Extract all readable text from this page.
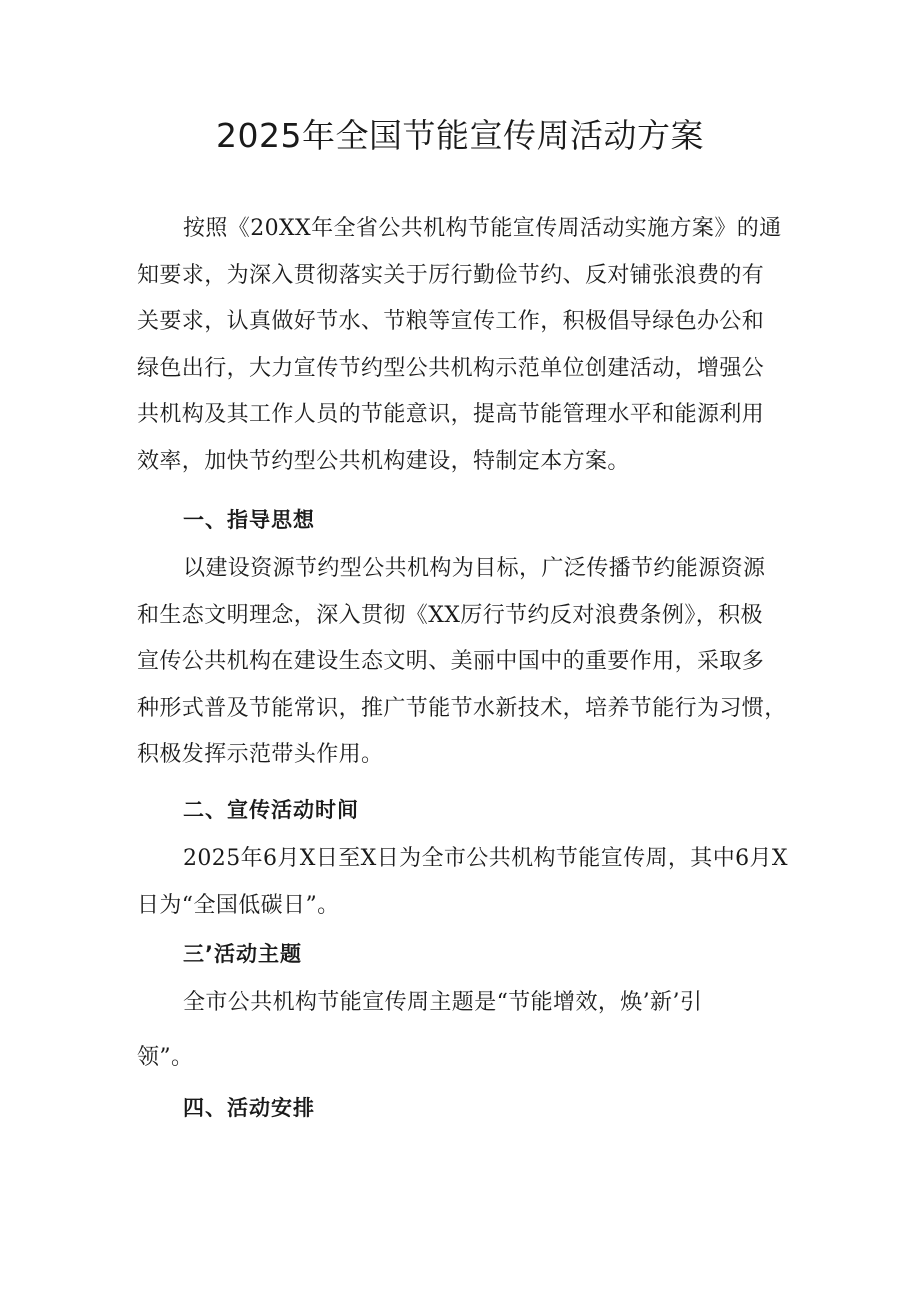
2025年全国节能宣传周活动方案
按照《20XX年全省公共机构节能宣传周活动实施方案》的通
知要求，为深入贯彻落实关于厉行勤俭节约、反对铺张浪费的有
关要求，认真做好节水、节粮等宣传工作，积极倡导绿色办公和
绿色出行，大力宣传节约型公共机构示范单位创建活动，增强公
共机构及其工作人员的节能意识，提高节能管理水平和能源利用
效率，加快节约型公共机构建设，特制定本方案。
一、指导思想
以建设资源节约型公共机构为目标，广泛传播节约能源资源
和生态文明理念，深入贯彻《XX厉行节约反对浪费条例》，积极
宣传公共机构在建设生态文明、美丽中国中的重要作用，采取多
种形式普及节能常识，推广节能节水新技术，培养节能行为习惯，
积极发挥示范带头作用。
二、宣传活动时间
2025年6月X日至X日为全市公共机构节能宣传周，其中6月X
日为“全国低碳日”。
三’活动主题
全市公共机构节能宣传周主题是“节能增效，焕’新’引
领”。
四、活动安排
